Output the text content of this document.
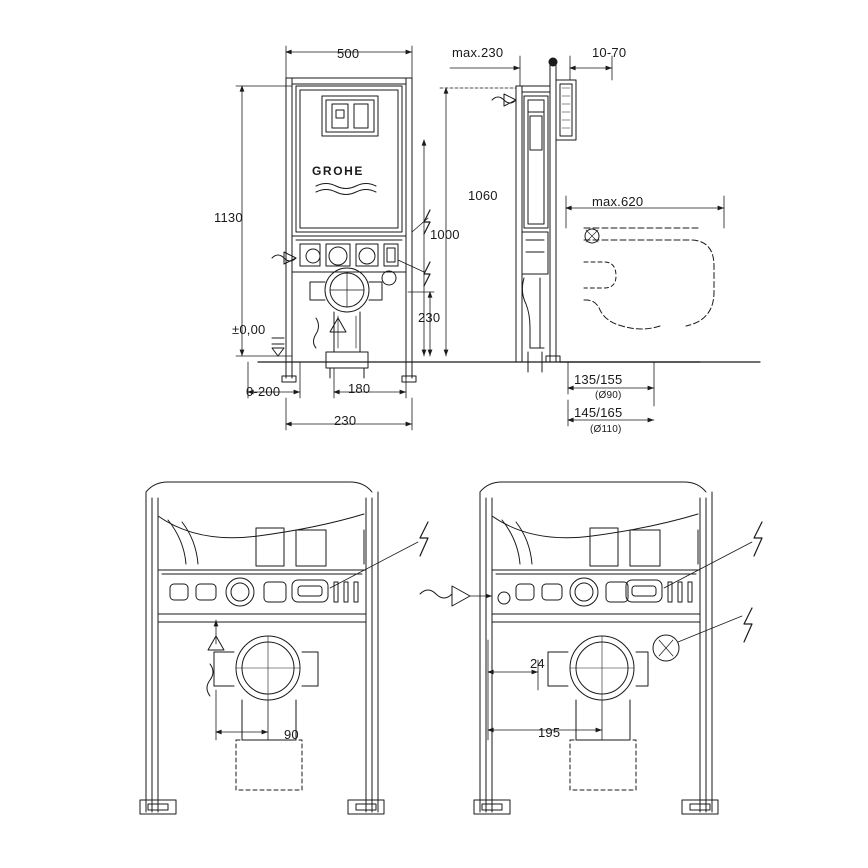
GROHE
500
1130
±0,00
0-200	180
230
max.230	10-70
1060
1000
230
max.620
135/155
(Ø90)
145/165
(Ø110)
90
24
195
